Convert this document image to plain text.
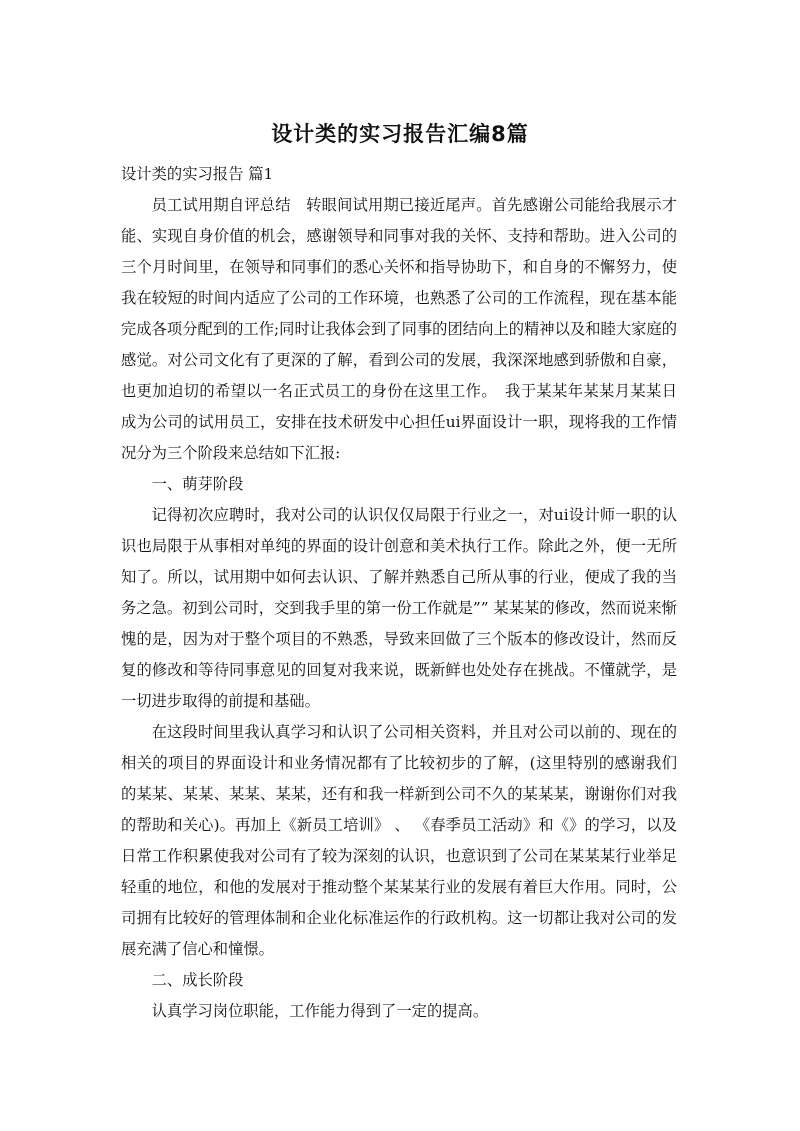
设计类的实习报告汇编8篇

设计类的实习报告 篇1

员工试用期自评总结　转眼间试用期已接近尾声。首先感谢公司能给我展示才能、实现自身价值的机会，感谢领导和同事对我的关怀、支持和帮助。进入公司的三个月时间里，在领导和同事们的悉心关怀和指导协助下，和自身的不懈努力，使我在较短的时间内适应了公司的工作环境，也熟悉了公司的工作流程，现在基本能完成各项分配到的工作;同时让我体会到了同事的团结向上的精神以及和睦大家庭的感觉。对公司文化有了更深的了解，看到公司的发展，我深深地感到骄傲和自豪，也更加迫切的希望以一名正式员工的身份在这里工作。　我于某某年某某月某某日成为公司的试用员工，安排在技术研发中心担任ui界面设计一职，现将我的工作情况分为三个阶段来总结如下汇报:

一、萌芽阶段

记得初次应聘时，我对公司的认识仅仅局限于行业之一，对ui设计师一职的认识也局限于从事相对单纯的界面的设计创意和美术执行工作。除此之外，便一无所知了。所以，试用期中如何去认识、了解并熟悉自己所从事的行业，便成了我的当务之急。初到公司时，交到我手里的第一份工作就是”” 某某某的修改，然而说来惭愧的是，因为对于整个项目的不熟悉，导致来回做了三个版本的修改设计，然而反复的修改和等待同事意见的回复对我来说，既新鲜也处处存在挑战。不懂就学，是一切进步取得的前提和基础。

在这段时间里我认真学习和认识了公司相关资料，并且对公司以前的、现在的相关的项目的界面设计和业务情况都有了比较初步的了解，(这里特别的感谢我们的某某、某某、某某、某某，还有和我一样新到公司不久的某某某，谢谢你们对我的帮助和关心)。再加上《新员工培训》 、 《春季员工活动》和《》的学习，以及日常工作积累使我对公司有了较为深刻的认识，也意识到了公司在某某某行业举足轻重的地位，和他的发展对于推动整个某某某行业的发展有着巨大作用。同时，公司拥有比较好的管理体制和企业化标准运作的行政机构。这一切都让我对公司的发展充满了信心和憧憬。

二、成长阶段

认真学习岗位职能，工作能力得到了一定的提高。
